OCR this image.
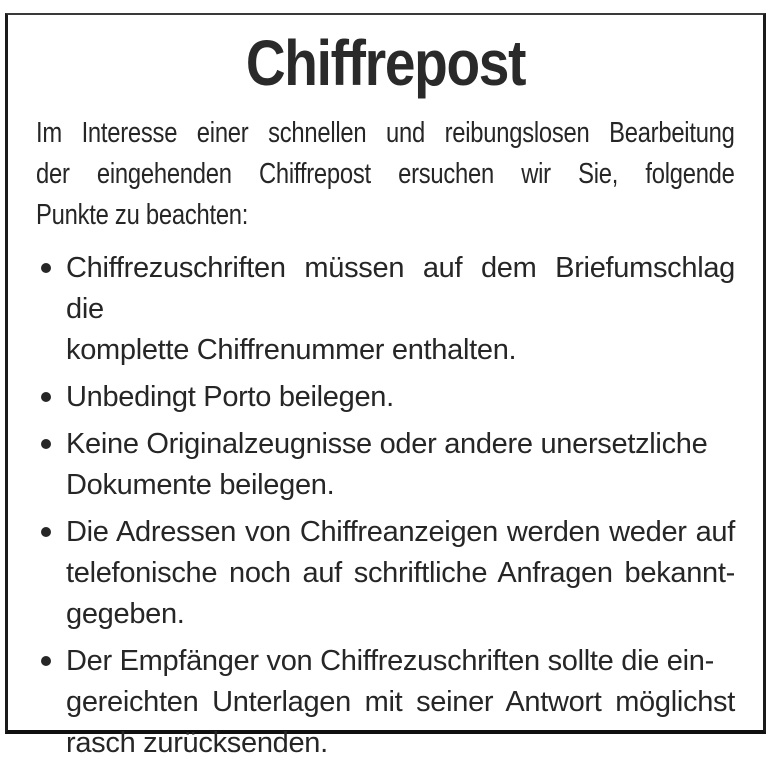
Chiffrepost

Im Interesse einer schnellen und reibungslosen Bearbeitung
der eingehenden Chiffrepost ersuchen wir Sie, folgende
Punkte zu beachten:

Chiffrezuschriften müssen auf dem Briefumschlag die
komplette Chiffrenummer enthalten.
Unbedingt Porto beilegen.
Keine Originalzeugnisse oder andere unersetzliche
Dokumente beilegen.
Die Adressen von Chiffreanzeigen werden weder auf
telefonische noch auf schriftliche Anfragen bekannt-
gegeben.
Der Empfänger von Chiffrezuschriften sollte die ein-
gereichten Unterlagen mit seiner Antwort möglichst
rasch zurücksenden.
